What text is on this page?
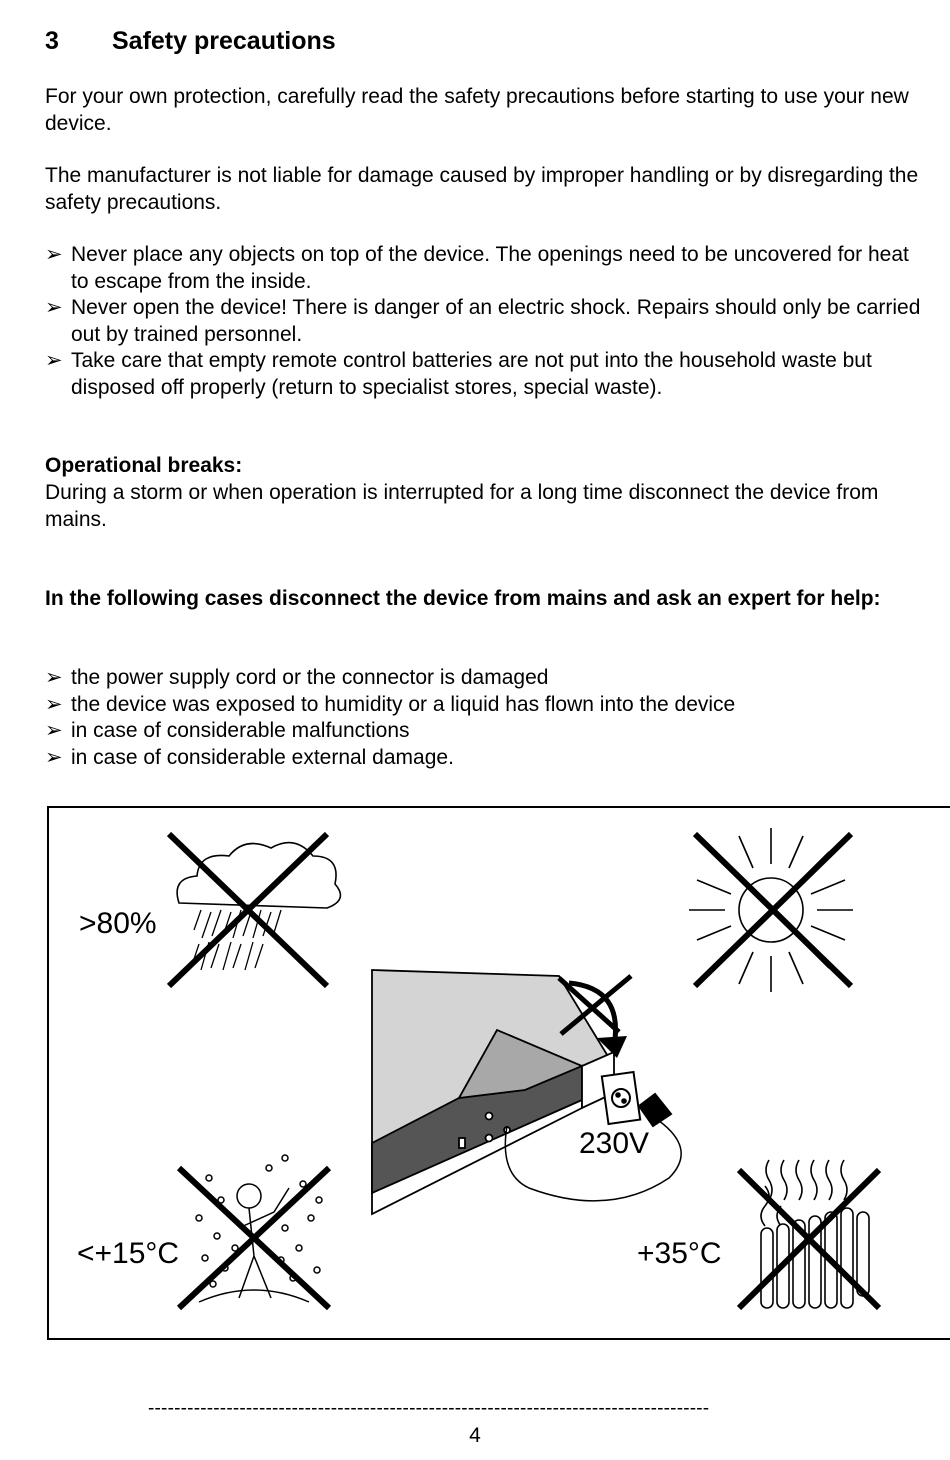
3 Safety precautions

For your own protection, carefully read the safety precautions before starting to use your new device.

The manufacturer is not liable for damage caused by improper handling or by disregarding the safety precautions.

➢ Never place any objects on top of the device. The openings need to be uncovered for heat to escape from the inside.
➢ Never open the device! There is danger of an electric shock. Repairs should only be carried out by trained personnel.
➢ Take care that empty remote control batteries are not put into the household waste but disposed off properly (return to specialist stores, special waste).

Operational breaks:

During a storm or when operation is interrupted for a long time disconnect the device from mains.

In the following cases disconnect the device from mains and ask an expert for help:

➢ the power supply cord or the connector is damaged
➢ the device was exposed to humidity or a liquid has flown into the device
➢ in case of considerable malfunctions
➢ in case of considerable external damage.
>80%
230V
<+15°C	+35°C

--------------------------------------------------------------------------------------

4
